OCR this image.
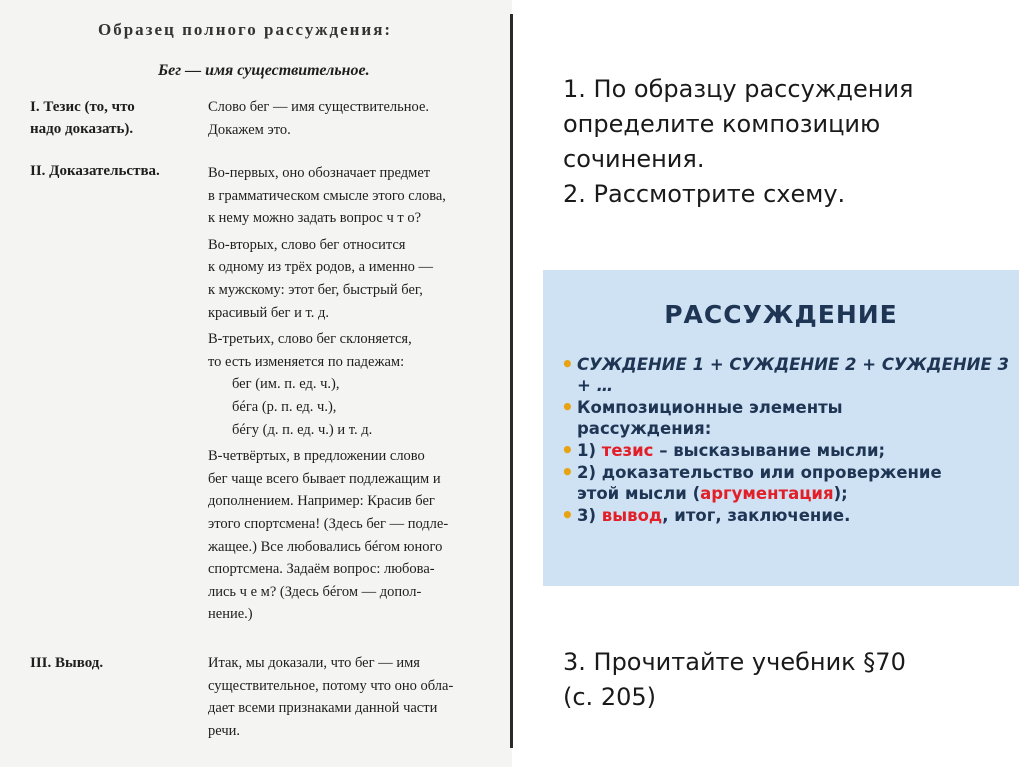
Образец полного рассуждения:
Бег — имя существительное.
I. Тезис (то, что
надо доказать).
Слово бег — имя существительное.
Докажем это.
II. Доказательства.	Во-первых, оно обозначает предмет
в грамматическом смысле этого слова,
к нему можно задать вопрос ч т о?
Во-вторых, слово бег относится
к одному из трёх родов, а именно —
к мужскому: этот бег, быстрый бег,
красивый бег и т. д.
В-третьих, слово бег склоняется,
то есть изменяется по падежам:
бег (им. п. ед. ч.),
бéга (р. п. ед. ч.),
бéгу (д. п. ед. ч.) и т. д.
В-четвёртых, в предложении слово
бег чаще всего бывает подлежащим и
дополнением. Например: Красив бег
этого спортсмена! (Здесь бег — подле-
жащее.) Все любовались бéгом юного
спортсмена. Задаём вопрос: любова-
лись ч е м? (Здесь бéгом — допол-
нение.)
III. Вывод.	Итак, мы доказали, что бег — имя
существительное, потому что оно обла-
дает всеми признаками данной части
речи.
1. По образцу рассуждения
определите композицию
сочинения.
2. Рассмотрите схему.
РАССУЖДЕНИЕ
• СУЖДЕНИЕ 1 + СУЖДЕНИЕ 2 + СУЖДЕНИЕ 3
+ …
• Композиционные элементы
рассуждения:
• 1) тезис – высказывание мысли;
• 2) доказательство или опровержение
этой мысли (аргументация);
• 3) вывод, итог, заключение.
3. Прочитайте учебник §70
(с. 205)
